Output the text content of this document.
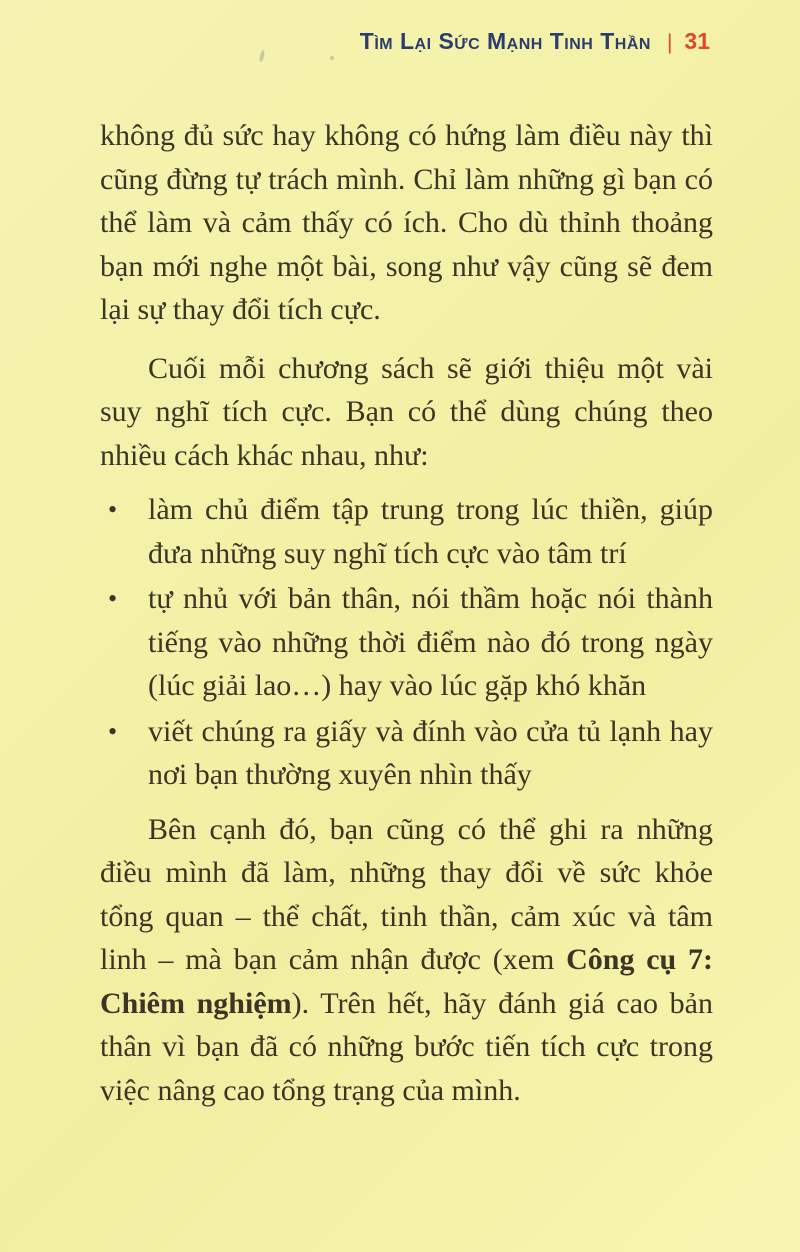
Tìm Lại Sức Mạnh Tinh Thần | 31

không đủ sức hay không có hứng làm điều này thì cũng đừng tự trách mình. Chỉ làm những gì bạn có thể làm và cảm thấy có ích. Cho dù thỉnh thoảng bạn mới nghe một bài, song như vậy cũng sẽ đem lại sự thay đổi tích cực.

Cuối mỗi chương sách sẽ giới thiệu một vài suy nghĩ tích cực. Bạn có thể dùng chúng theo nhiều cách khác nhau, như:

•	làm chủ điểm tập trung trong lúc thiền, giúp đưa những suy nghĩ tích cực vào tâm trí
•	tự nhủ với bản thân, nói thầm hoặc nói thành tiếng vào những thời điểm nào đó trong ngày (lúc giải lao…) hay vào lúc gặp khó khăn
•	viết chúng ra giấy và đính vào cửa tủ lạnh hay nơi bạn thường xuyên nhìn thấy

Bên cạnh đó, bạn cũng có thể ghi ra những điều mình đã làm, những thay đổi về sức khỏe tổng quan – thể chất, tinh thần, cảm xúc và tâm linh – mà bạn cảm nhận được (xem Công cụ 7: Chiêm nghiệm). Trên hết, hãy đánh giá cao bản thân vì bạn đã có những bước tiến tích cực trong việc nâng cao tổng trạng của mình.
